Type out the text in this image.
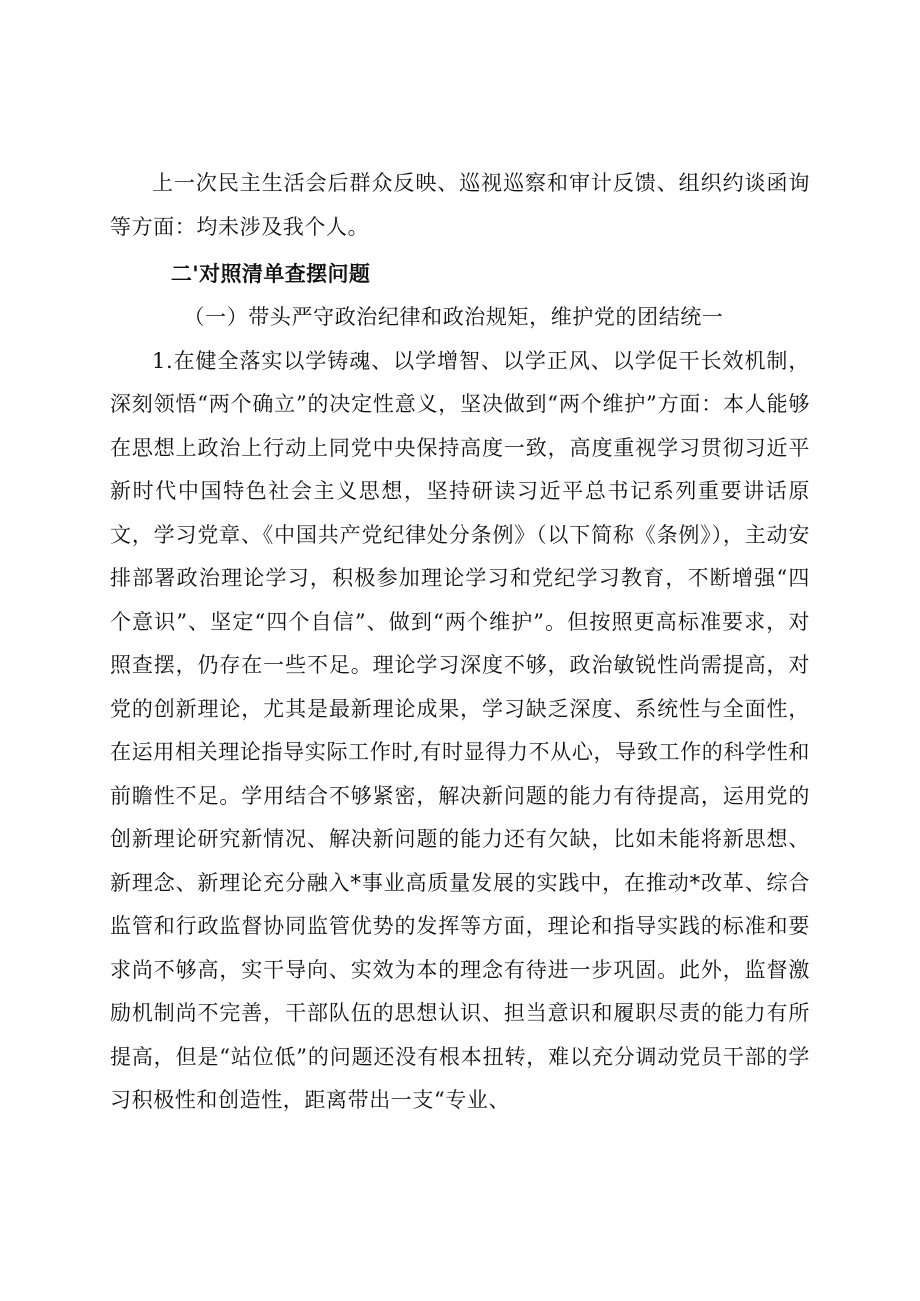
上一次民主生活会后群众反映、巡视巡察和审计反馈、组织约谈函询等方面：均未涉及我个人。

二'对照清单查摆问题

（一）带头严守政治纪律和政治规矩，维护党的团结统一

1.在健全落实以学铸魂、以学增智、以学正风、以学促干长效机制，深刻领悟“两个确立”的决定性意义，坚决做到“两个维护”方面：本人能够在思想上政治上行动上同党中央保持高度一致，高度重视学习贯彻习近平新时代中国特色社会主义思想，坚持研读习近平总书记系列重要讲话原文，学习党章、《中国共产党纪律处分条例》（以下简称《条例》），主动安排部署政治理论学习，积极参加理论学习和党纪学习教育，不断增强“四个意识”、坚定“四个自信”、做到“两个维护”。但按照更高标准要求，对照查摆，仍存在一些不足。理论学习深度不够，政治敏锐性尚需提高，对党的创新理论，尤其是最新理论成果，学习缺乏深度、系统性与全面性，在运用相关理论指导实际工作时,有时显得力不从心，导致工作的科学性和前瞻性不足。学用结合不够紧密，解决新问题的能力有待提高，运用党的创新理论研究新情况、解决新问题的能力还有欠缺，比如未能将新思想、新理念、新理论充分融入*事业高质量发展的实践中，在推动*改革、综合监管和行政监督协同监管优势的发挥等方面，理论和指导实践的标准和要求尚不够高，实干导向、实效为本的理念有待进一步巩固。此外，监督激励机制尚不完善，干部队伍的思想认识、担当意识和履职尽责的能力有所提高，但是“站位低”的问题还没有根本扭转，难以充分调动党员干部的学习积极性和创造性，距离带出一支“专业、
